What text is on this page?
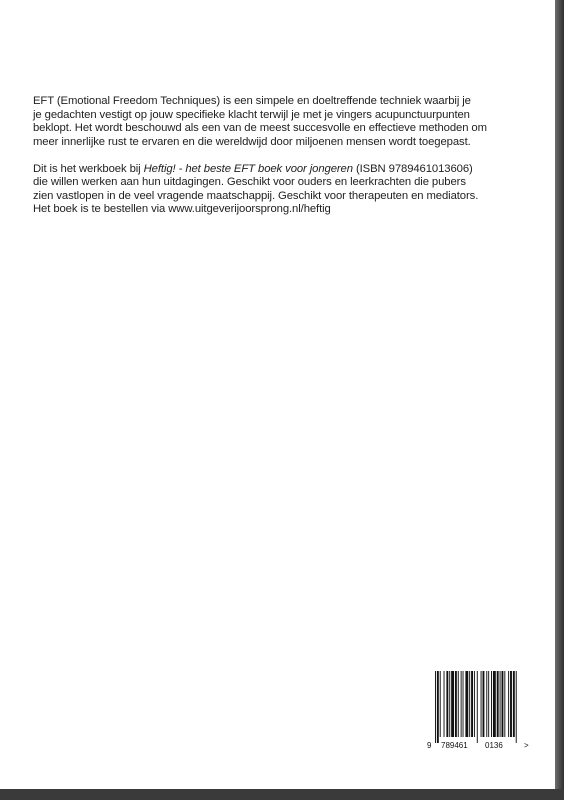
EFT (Emotional Freedom Techniques) is een simpele en doeltreffende techniek waarbij je
je gedachten vestigt op jouw specifieke klacht terwijl je met je vingers acupunctuurpunten
beklopt. Het wordt beschouwd als een van de meest succesvolle en effectieve methoden om
meer innerlijke rust te ervaren en die wereldwijd door miljoenen mensen wordt toegepast.

Dit is het werkboek bij Heftig! - het beste EFT boek voor jongeren (ISBN 9789461013606)
die willen werken aan hun uitdagingen. Geschikt voor ouders en leerkrachten die pubers
zien vastlopen in de veel vragende maatschappij. Geschikt voor therapeuten en mediators.
Het boek is te bestellen via www.uitgeverijoorsprong.nl/heftig

9 789461 0136	>
